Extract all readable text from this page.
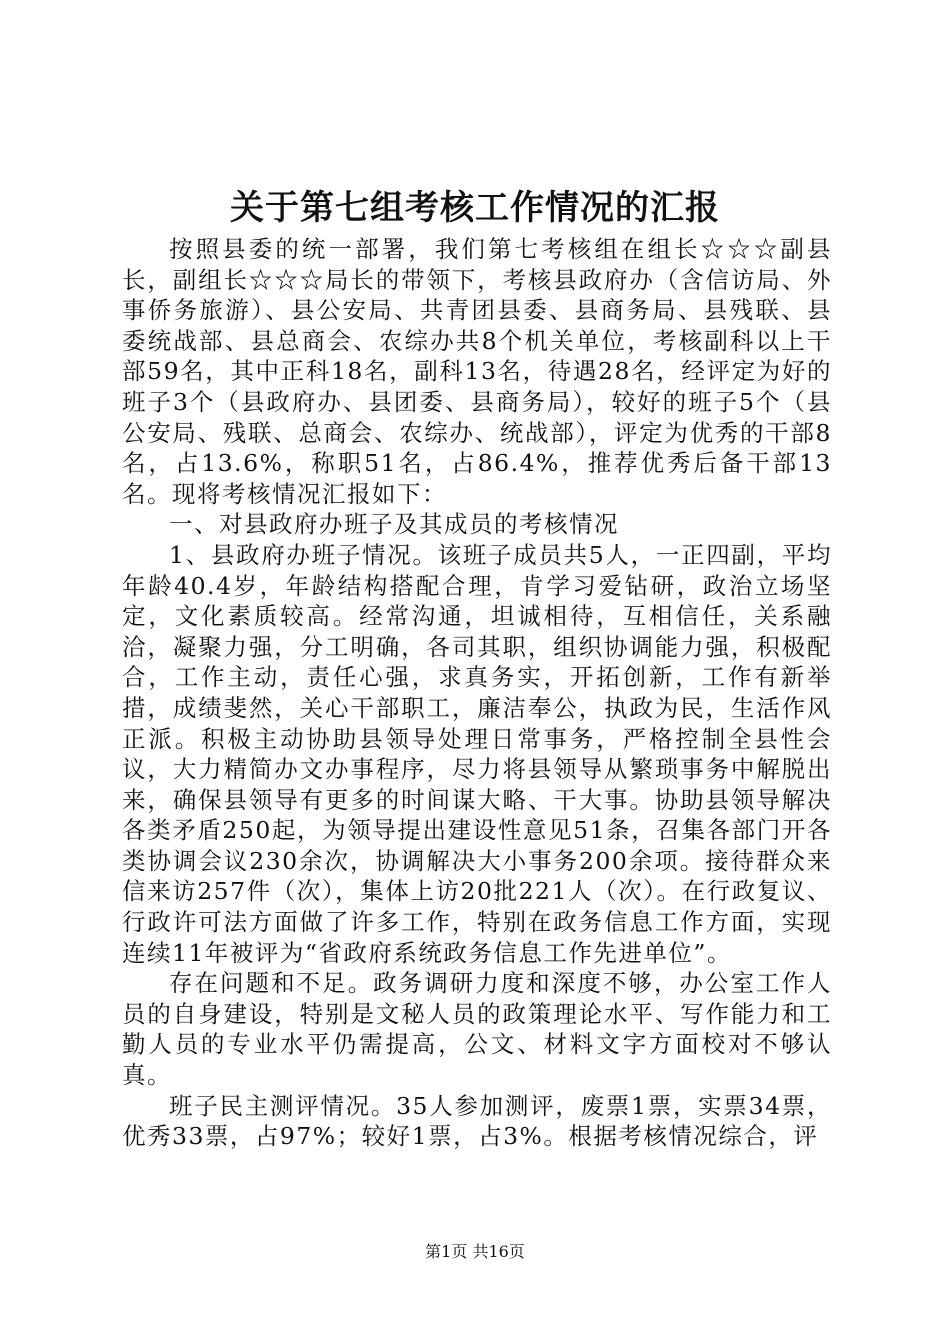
关于第七组考核工作情况的汇报

按照县委的统一部署，我们第七考核组在组长☆☆☆副县长，副组长☆☆☆局长的带领下，考核县政府办（含信访局、外事侨务旅游）、县公安局、共青团县委、县商务局、县残联、县委统战部、县总商会、农综办共8个机关单位，考核副科以上干部59名，其中正科18名，副科13名，待遇28名，经评定为好的班子3个（县政府办、县团委、县商务局），较好的班子5个（县公安局、残联、总商会、农综办、统战部），评定为优秀的干部8名，占13.6%，称职51名，占86.4%，推荐优秀后备干部13名。现将考核情况汇报如下：

一、对县政府办班子及其成员的考核情况

1、县政府办班子情况。该班子成员共5人，一正四副，平均年龄40.4岁，年龄结构搭配合理，肯学习爱钻研，政治立场坚定，文化素质较高。经常沟通，坦诚相待，互相信任，关系融洽，凝聚力强，分工明确，各司其职，组织协调能力强，积极配合，工作主动，责任心强，求真务实，开拓创新，工作有新举措，成绩斐然，关心干部职工，廉洁奉公，执政为民，生活作风正派。积极主动协助县领导处理日常事务，严格控制全县性会议，大力精简办文办事程序，尽力将县领导从繁琐事务中解脱出来，确保县领导有更多的时间谋大略、干大事。协助县领导解决各类矛盾250起，为领导提出建设性意见51条，召集各部门开各类协调会议230余次，协调解决大小事务200余项。接待群众来信来访257件（次），集体上访20批221人（次）。在行政复议、行政许可法方面做了许多工作，特别在政务信息工作方面，实现连续11年被评为“省政府系统政务信息工作先进单位”。

存在问题和不足。政务调研力度和深度不够，办公室工作人员的自身建设，特别是文秘人员的政策理论水平、写作能力和工勤人员的专业水平仍需提高，公文、材料文字方面校对不够认真。

班子民主测评情况。35人参加测评，废票1票，实票34票，优秀33票，占97%；较好1票，占3%。根据考核情况综合，评

第1页 共16页
